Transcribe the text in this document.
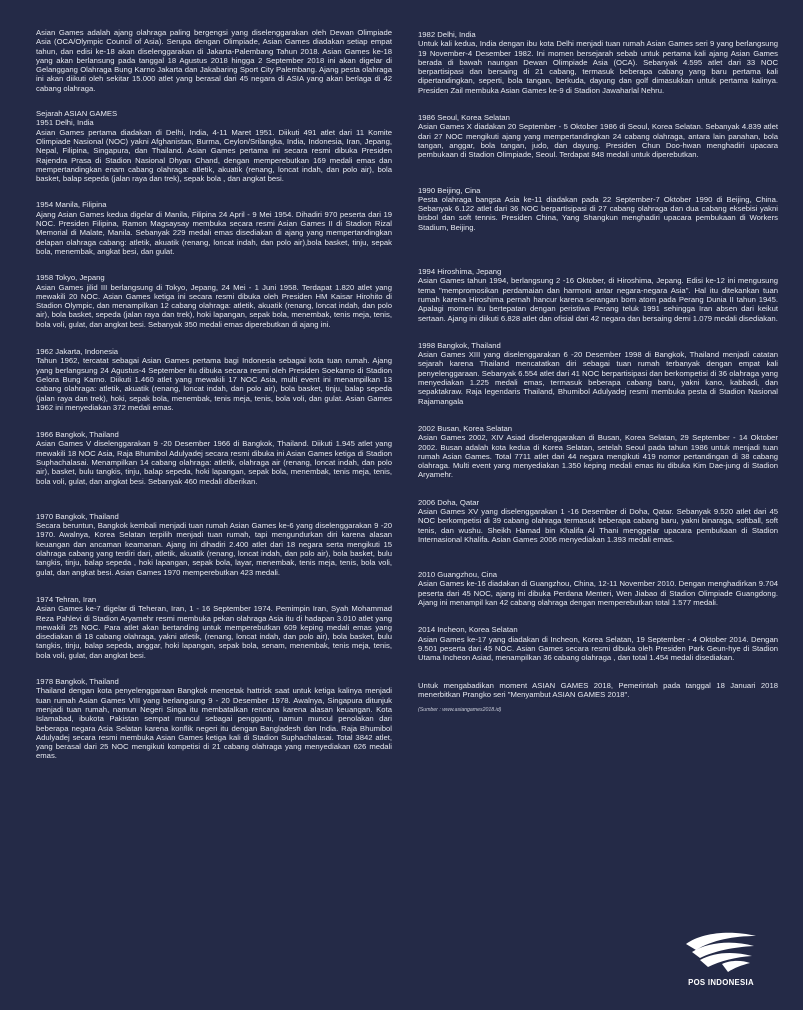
Asian Games adalah ajang olahraga paling bergengsi yang diselenggarakan oleh Dewan Olimpiade Asia (OCA/Olympic Council of Asia). Serupa dengan Olimpiade, Asian Games diadakan setiap empat tahun, dan edisi ke-18 akan diselenggarakan di Jakarta-Palembang Tahun 2018. Asian Games ke-18 yang akan berlansung pada tanggal 18 Agustus 2018 hingga 2 September 2018 ini akan digelar di Gelanggang Olahraga Bung Karno Jakarta dan Jakabaring Sport City Palembang. Ajang pesta olahraga ini akan diikuti oleh sekitar 15.000 atlet yang berasal dari 45 negara di ASIA yang akan berlaga di 42 cabang olahraga.

Sejarah ASIAN GAMES

1951 Delhi, India
Asian Games pertama diadakan di Delhi, India, 4-11 Maret 1951. Diikuti 491 atlet dari 11 Komite Olimpiade Nasional (NOC) yakni Afghanistan, Burma, Ceylon/Srilangka, India, Indonesia, Iran, Jepang, Nepal, Filipina, Singapura, dan Thailand. Asian Games pertama ini secara resmi dibuka Presiden Rajendra Prasa di Stadion Nasional Dhyan Chand, dengan memperebutkan 169 medali emas dan mempertandingkan enam cabang olahraga: atletik, akuatik (renang, loncat indah, dan polo air), bola basket, balap sepeda (jalan raya dan trek), sepak bola , dan angkat besi.
1954 Manila, Filipina
Ajang Asian Games kedua digelar di Manila, Filipina 24 April - 9 Mei 1954. Dihadiri 970 peserta dari 19 NOC. Presiden Filipina, Ramon Magsaysay membuka secara resmi Asian Games II di Stadion Rizal Memorial di Malate, Manila. Sebanyak 229 medali emas disediakan di ajang yang mempertandingkan delapan olahraga cabang: atletik, akuatik (renang, loncat indah, dan polo air),bola basket, tinju, sepak bola, menembak, angkat besi, dan gulat.
1958 Tokyo, Jepang
Asian Games jilid III berlangsung di Tokyo, Jepang, 24 Mei - 1 Juni 1958. Terdapat 1.820 atlet yang mewakili 20 NOC. Asian Games ketiga ini secara resmi dibuka oleh Presiden HM Kaisar Hirohito di Stadion Olympic, dan menampilkan 12 cabang olahraga: atletik, akuatik (renang, loncat indah, dan polo air), bola basket, sepeda (jalan raya dan trek), hoki lapangan, sepak bola, menembak, tenis meja, tenis, bola voli, gulat, dan angkat besi. Sebanyak 350 medali emas diperebutkan di ajang ini.
1962 Jakarta, Indonesia
Tahun 1962, tercatat sebagai Asian Games pertama bagi Indonesia sebagai kota tuan rumah. Ajang yang berlangsung 24 Agustus-4 September itu dibuka secara resmi oleh Presiden Soekarno di Stadion Gelora Bung Karno. Diikuti 1.460 atlet yang mewakili 17 NOC Asia, multi event ini menampilkan 13 cabang olahraga: atletik, akuatik (renang, loncat indah, dan polo air), bola basket, tinju, balap sepeda (jalan raya dan trek), hoki, sepak bola, menembak, tenis meja, tenis, bola voli, dan gulat. Asian Games 1962 ini menyediakan 372 medali emas.
1966 Bangkok, Thailand
Asian Games V diselenggarakan 9 -20 Desember 1966 di Bangkok, Thailand. Diikuti 1.945 atlet yang mewakili 18 NOC Asia, Raja Bhumibol Adulyadej secara resmi dibuka ini Asian Games ketiga di Stadion Suphachalasai. Menampilkan 14 cabang olahraga: atletik, olahraga air (renang, loncat indah, dan polo air), basket, bulu tangkis, tinju, balap sepeda, hoki lapangan, sepak bola, menembak, tenis meja, tenis, bola voli, gulat, dan angkat besi. Sebanyak 460 medali diberikan.
1970 Bangkok, Thailand
Secara beruntun, Bangkok kembali menjadi tuan rumah Asian Games ke-6 yang diselenggarakan 9 -20 1970. Awalnya, Korea Selatan terpilih menjadi tuan rumah, tapi mengundurkan diri karena alasan keuangan dan ancaman keamanan. Ajang ini dihadiri 2.400 atlet dari 18 negara serta mengikuti 15 olahraga cabang yang terdiri dari, atletik, akuatik (renang, loncat indah, dan polo air), bola basket, bulu tangkis, tinju, balap sepeda , hoki lapangan, sepak bola, layar, menembak, tenis meja, tenis, bola voli, gulat, dan angkat besi. Asian Games 1970 memperebutkan 423 medali.
1974 Tehran, Iran
Asian Games ke-7 digelar di Teheran, Iran, 1 - 16 September 1974. Pemimpin Iran, Syah Mohammad Reza Pahlevi di Stadion Aryamehr resmi membuka pekan olahraga Asia itu di hadapan 3.010 atlet yang mewakili 25 NOC. Para atlet akan bertanding untuk memperebutkan 609 keping medali emas yang disediakan di 18 cabang olahraga, yakni atletik, (renang, loncat indah, dan polo air), bola basket, bulu tangkis, tinju, balap sepeda, anggar, hoki lapangan, sepak bola, senam, menembak, tenis meja, tenis, bola voli, gulat, dan angkat besi.
1978 Bangkok, Thailand
Thailand dengan kota penyelenggaraan Bangkok mencetak hattrick saat untuk ketiga kalinya menjadi tuan rumah Asian Games VIII yang berlangsung 9 - 20 Desember 1978. Awalnya, Singapura ditunjuk menjadi tuan rumah, namun Negeri Singa itu membatalkan rencana karena alasan keuangan. Kota Islamabad, ibukota Pakistan sempat muncul sebagai pengganti, namun muncul penolakan dari beberapa negara Asia Selatan karena konflik negeri itu dengan Bangladesh dan India. Raja Bhumibol Adulyadej secara resmi membuka Asian Games ketiga kali di Stadion Suphachalasai. Total 3842 atlet, yang berasal dari 25 NOC mengikuti kompetisi di 21 cabang olahraga yang menyediakan 626 medali emas.
1982 Delhi, India
Untuk kali kedua, India dengan ibu kota Delhi menjadi tuan rumah Asian Games seri 9 yang berlangsung 19 November-4 Desember 1982. Ini momen bersejarah sebab untuk pertama kali ajang Asian Games berada di bawah naungan Dewan Olimpiade Asia (OCA). Sebanyak 4.595 atlet dari 33 NOC berpartisipasi dan bersaing di 21 cabang, termasuk beberapa cabang yang baru pertama kali dipertandingkan, seperti, bola tangan, berkuda, dayung dan golf dimasukkan untuk pertama kalinya. Presiden Zail membuka Asian Games ke-9 di Stadion Jawaharlal Nehru.
1986 Seoul, Korea Selatan
Asian Games X diadakan 20 September - 5 Oktober 1986 di Seoul, Korea Selatan. Sebanyak 4.839 atlet dari 27 NOC mengikuti ajang yang mempertandingkan 24 cabang olahraga, antara lain panahan, bola tangan, anggar, bola tangan, judo, dan dayung. Presiden Chun Doo-hwan menghadiri upacara pembukaan di Stadion Olimpiade, Seoul. Terdapat 848 medali untuk diperebutkan.
1990 Beijing, Cina
Pesta olahraga bangsa Asia ke-11 diadakan pada 22 September-7 Oktober 1990 di Beijing, China. Sebanyak 6.122 atlet dari 36 NOC berpartisipasi di 27 cabang olahraga dan dua cabang eksebisi yakni bisbol dan soft tennis. Presiden China, Yang Shangkun menghadiri upacara pembukaan di Workers Stadium, Beijing.
1994 Hiroshima, Jepang
Asian Games tahun 1994, berlangsung 2 -16 Oktober, di Hiroshima, Jepang. Edisi ke-12 ini mengusung tema "mempromosikan perdamaian dan harmoni antar negara-negara Asia". Hal itu ditekankan tuan rumah karena Hiroshima pernah hancur karena serangan bom atom pada Perang Dunia II tahun 1945. Apalagi momen itu bertepatan dengan peristiwa Perang teluk 1991 sehingga Iran absen dari keikut sertaan. Ajang ini diikuti 6.828 atlet dan ofisial dari 42 negara dan bersaing demi 1.079 medali disediakan.
1998 Bangkok, Thailand
Asian Games XIII yang diselenggarakan 6 -20 Desember 1998 di Bangkok, Thailand menjadi catatan sejarah karena Thailand mencatatkan diri sebagai tuan rumah terbanyak dengan empat kali penyelenggaraan. Sebanyak 6.554 atlet dari 41 NOC berpartisipasi dan berkompetisi di 36 olahraga yang menyediakan 1.225 medali emas, termasuk beberapa cabang baru, yakni kano, kabbadi, dan sepaktakraw. Raja legendaris Thailand, Bhumibol Adulyadej resmi membuka pesta di Stadion Nasional Rajamangala
2002 Busan, Korea Selatan
Asian Games 2002, XIV Asiad diselenggarakan di Busan, Korea Selatan, 29 September - 14 Oktober 2002. Busan adalah kota kedua di Korea Selatan, setelah Seoul pada tahun 1986 untuk menjadi tuan rumah Asian Games. Total 7711 atlet dari 44 negara mengikuti 419 nomor pertandingan di 38 cabang olahraga. Multi event yang menyediakan 1.350 keping medali emas itu dibuka Kim Dae-jung di Stadion Aryamehr.
2006 Doha, Qatar
Asian Games XV yang diselenggarakan 1 -16 Desember di Doha, Qatar. Sebanyak 9.520 atlet dari 45 NOC berkompetisi di 39 cabang olahraga termasuk beberapa cabang baru, yakni binaraga, softball, soft tenis, dan wushu. Sheikh Hamad bin Khalifa Al Thani menggelar upacara pembukaan di Stadion Internasional Khalifa. Asian Games 2006 menyediakan 1.393 medali emas.
2010 Guangzhou, Cina
Asian Games ke-16 diadakan di Guangzhou, China, 12-11 November 2010. Dengan menghadirkan 9.704 peserta dari 45 NOC, ajang ini dibuka Perdana Menteri, Wen Jiabao di Stadion Olimpiade Guangdong. Ajang ini menampil kan 42 cabang olahraga dengan memperebutkan total 1.577 medali.
2014 Incheon, Korea Selatan
Asian Games ke-17 yang diadakan di Incheon, Korea Selatan, 19 September - 4 Oktober 2014. Dengan 9.501 peserta dari 45 NOC. Asian Games secara resmi dibuka oleh Presiden Park Geun-hye di Stadion Utama Incheon Asiad, menampilkan 36 cabang olahraga , dan total 1.454 medali disediakan.

Untuk mengabadikan moment ASIAN GAMES 2018, Pemerintah pada tanggal 18 Januari 2018 menerbitkan Prangko seri "Menyambut ASIAN GAMES 2018".

(Sumber : www.asiangames2018.id)

POS INDONESIA
